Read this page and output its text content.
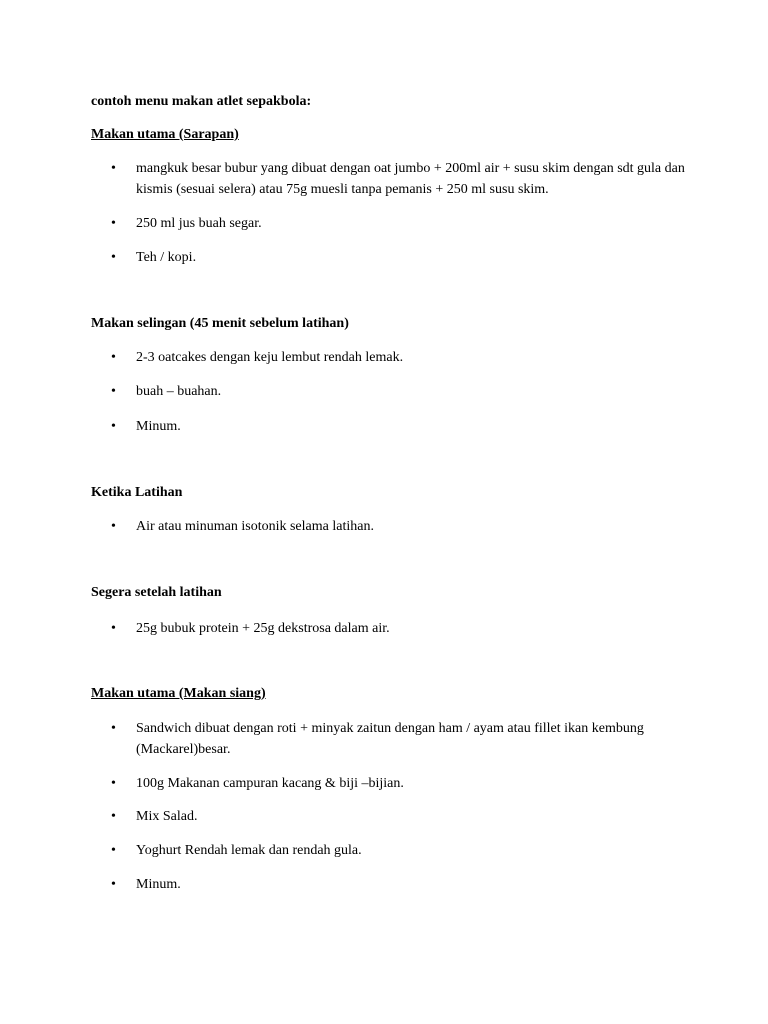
contoh menu makan atlet sepakbola:
Makan utama (Sarapan)
•
mangkuk besar bubur yang dibuat dengan oat jumbo + 200ml air + susu skim dengan sdt gula dan kismis (sesuai selera) atau 75g muesli tanpa pemanis + 250 ml susu skim.
•
250 ml jus buah segar.
•
Teh / kopi.
Makan selingan (45 menit sebelum latihan)
•
2-3 oatcakes dengan keju lembut rendah lemak.
•
buah – buahan.
•
Minum.
Ketika Latihan
•
Air atau minuman isotonik selama latihan.
Segera setelah latihan
•
25g bubuk protein + 25g dekstrosa dalam air.
Makan utama (Makan siang)
•
Sandwich dibuat dengan roti + minyak zaitun dengan ham / ayam atau fillet ikan kembung (Mackarel)besar.
•
100g Makanan campuran kacang & biji –bijian.
•
Mix Salad.
•
Yoghurt Rendah lemak dan rendah gula.
•
Minum.
